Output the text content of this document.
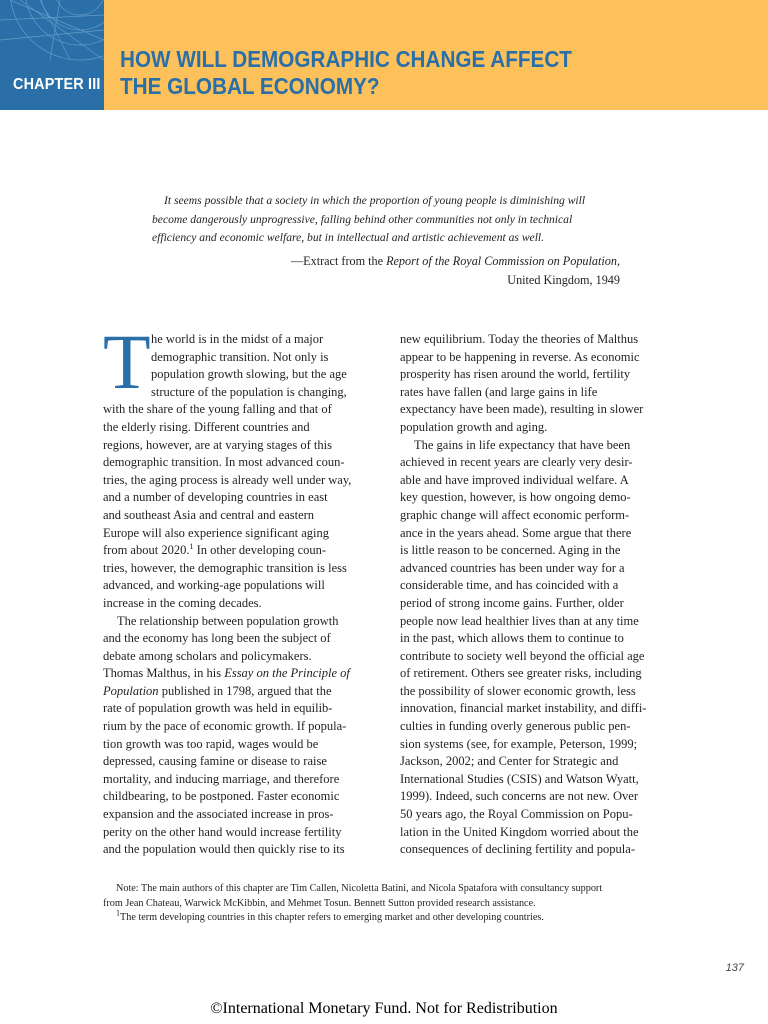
CHAPTER III
HOW WILL DEMOGRAPHIC CHANGE AFFECT
THE GLOBAL ECONOMY?
It seems possible that a society in which the proportion of young people is diminishing will
become dangerously unprogressive, falling behind other communities not only in technical
efficiency and economic welfare, but in intellectual and artistic achievement as well.
—Extract from the Report of the Royal Commission on Population,
United Kingdom, 1949
T he world is in the midst of a major
demographic transition. Not only is
population growth slowing, but the age
structure of the population is changing,
with the share of the young falling and that of
the elderly rising. Different countries and
regions, however, are at varying stages of this
demographic transition. In most advanced coun-
tries, the aging process is already well under way,
and a number of developing countries in east
and southeast Asia and central and eastern
Europe will also experience significant aging
from about 2020.$^1$ In other developing coun-
tries, however, the demographic transition is less
advanced, and working-age populations will
increase in the coming decades.
The relationship between population growth
and the economy has long been the subject of
debate among scholars and policymakers.
Thomas Malthus, in his Essay on the Principle of
Population published in 1798, argued that the
rate of population growth was held in equilib-
rium by the pace of economic growth. If popula-
tion growth was too rapid, wages would be
depressed, causing famine or disease to raise
mortality, and inducing marriage, and therefore
childbearing, to be postponed. Faster economic
expansion and the associated increase in pros-
perity on the other hand would increase fertility
and the population would then quickly rise to its
new equilibrium. Today the theories of Malthus
appear to be happening in reverse. As economic
prosperity has risen around the world, fertility
rates have fallen (and large gains in life
expectancy have been made), resulting in slower
population growth and aging.
The gains in life expectancy that have been
achieved in recent years are clearly very desir-
able and have improved individual welfare. A
key question, however, is how ongoing demo-
graphic change will affect economic perform-
ance in the years ahead. Some argue that there
is little reason to be concerned. Aging in the
advanced countries has been under way for a
considerable time, and has coincided with a
period of strong income gains. Further, older
people now lead healthier lives than at any time
in the past, which allows them to continue to
contribute to society well beyond the official age
of retirement. Others see greater risks, including
the possibility of slower economic growth, less
innovation, financial market instability, and diffi-
culties in funding overly generous public pen-
sion systems (see, for example, Peterson, 1999;
Jackson, 2002; and Center for Strategic and
International Studies (CSIS) and Watson Wyatt,
1999). Indeed, such concerns are not new. Over
50 years ago, the Royal Commission on Popu-
lation in the United Kingdom worried about the
consequences of declining fertility and popula-
Note: The main authors of this chapter are Tim Callen, Nicoletta Batini, and Nicola Spatafora with consultancy support
from Jean Chateau, Warwick McKibbin, and Mehmet Tosun. Bennett Sutton provided research assistance.
$^1$The term developing countries in this chapter refers to emerging market and other developing countries.
137
©International Monetary Fund. Not for Redistribution
